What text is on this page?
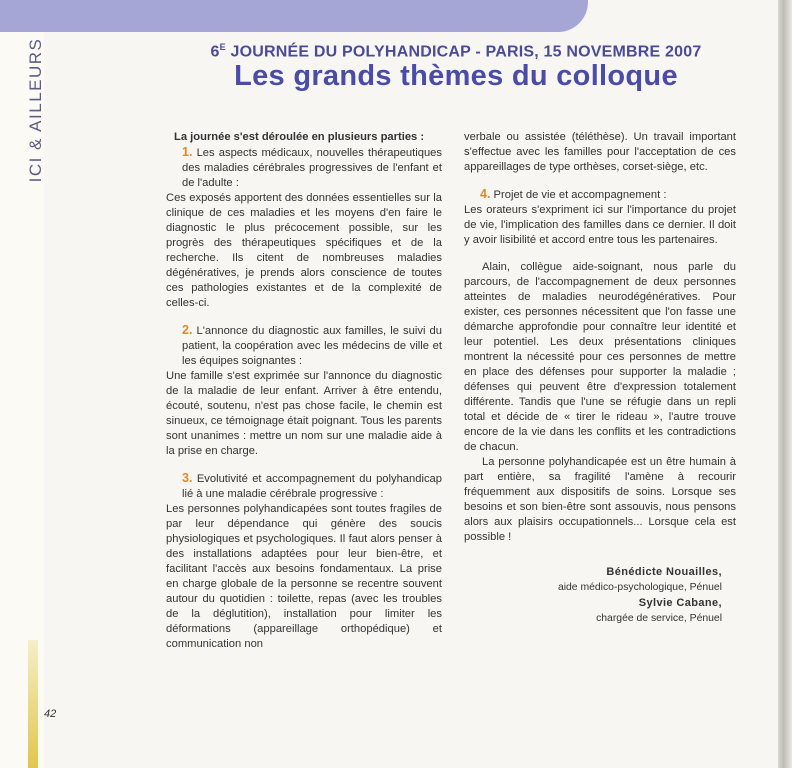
ICI & AILLEURS	$6^E$ JOURNÉE DU POLYHANDICAP - PARIS, 15 NOVEMBRE 2007
Les grands thèmes du colloque

La journée s'est déroulée en plusieurs parties :

1. Les aspects médicaux, nouvelles thérapeutiques des maladies cérébrales progressives de l'enfant et de l'adulte :

Ces exposés apportent des données essentielles sur la clinique de ces maladies et les moyens d'en faire le diagnostic le plus précocement possible, sur les progrès des thérapeutiques spécifiques et de la recherche. Ils citent de nombreuses maladies dégénératives, je prends alors conscience de toutes ces pathologies existantes et de la complexité de celles-ci.

2. L'annonce du diagnostic aux familles, le suivi du patient, la coopération avec les médecins de ville et les équipes soignantes :

Une famille s'est exprimée sur l'annonce du diagnostic de la maladie de leur enfant. Arriver à être entendu, écouté, soutenu, n'est pas chose facile, le chemin est sinueux, ce témoignage était poignant. Tous les parents sont unanimes : mettre un nom sur une maladie aide à la prise en charge.

3. Evolutivité et accompagnement du polyhandicap lié à une maladie cérébrale progressive :

Les personnes polyhandicapées sont toutes fragiles de par leur dépendance qui génère des soucis physiologiques et psychologiques. Il faut alors penser à des installations adaptées pour leur bien-être, et facilitant l'accès aux besoins fondamentaux. La prise en charge globale de la personne se recentre souvent autour du quotidien : toilette, repas (avec les troubles de la déglutition), installation pour limiter les déformations (appareillage orthopédique) et communication non

verbale ou assistée (téléthèse). Un travail important s'effectue avec les familles pour l'acceptation de ces appareillages de type orthèses, corset-siège, etc.

4. Projet de vie et accompagnement :

Les orateurs s'expriment ici sur l'importance du projet de vie, l'implication des familles dans ce dernier. Il doit y avoir lisibilité et accord entre tous les partenaires.

Alain, collègue aide-soignant, nous parle du parcours, de l'accompagnement de deux personnes atteintes de maladies neurodégénératives. Pour exister, ces personnes nécessitent que l'on fasse une démarche approfondie pour connaître leur identité et leur potentiel. Les deux présentations cliniques montrent la nécessité pour ces personnes de mettre en place des défenses pour supporter la maladie ; défenses qui peuvent être d'expression totalement différente. Tandis que l'une se réfugie dans un repli total et décide de « tirer le rideau », l'autre trouve encore de la vie dans les conflits et les contradictions de chacun.

La personne polyhandicapée est un être humain à part entière, sa fragilité l'amène à recourir fréquemment aux dispositifs de soins. Lorsque ses besoins et son bien-être sont assouvis, nous pensons alors aux plaisirs occupationnels... Lorsque cela est possible !

Bénédicte Nouailles,
aide médico-psychologique, Pénuel
Sylvie Cabane,
chargée de service, Pénuel
42
